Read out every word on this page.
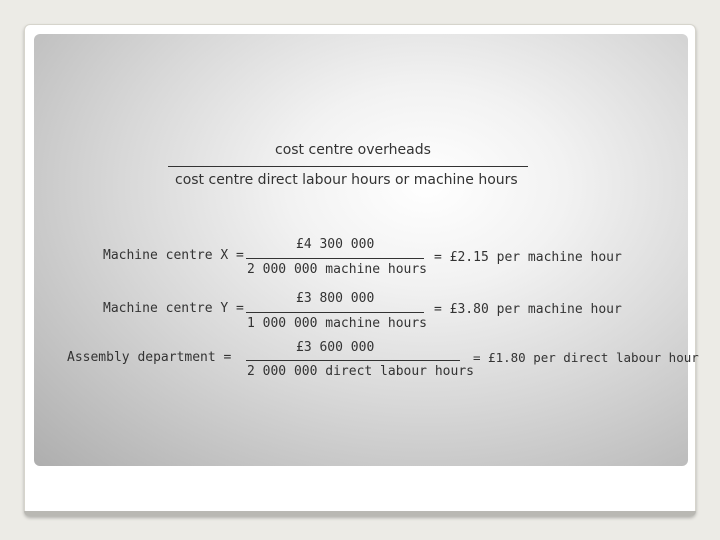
cost centre overheads
cost centre direct labour hours or machine hours
Machine centre X =
£4 300 000
2 000 000 machine hours
= £2.15 per machine hour
Machine centre Y =
£3 800 000
1 000 000 machine hours
= £3.80 per machine hour
Assembly department =
£3 600 000
2 000 000 direct labour hours
= £1.80 per direct labour hour
